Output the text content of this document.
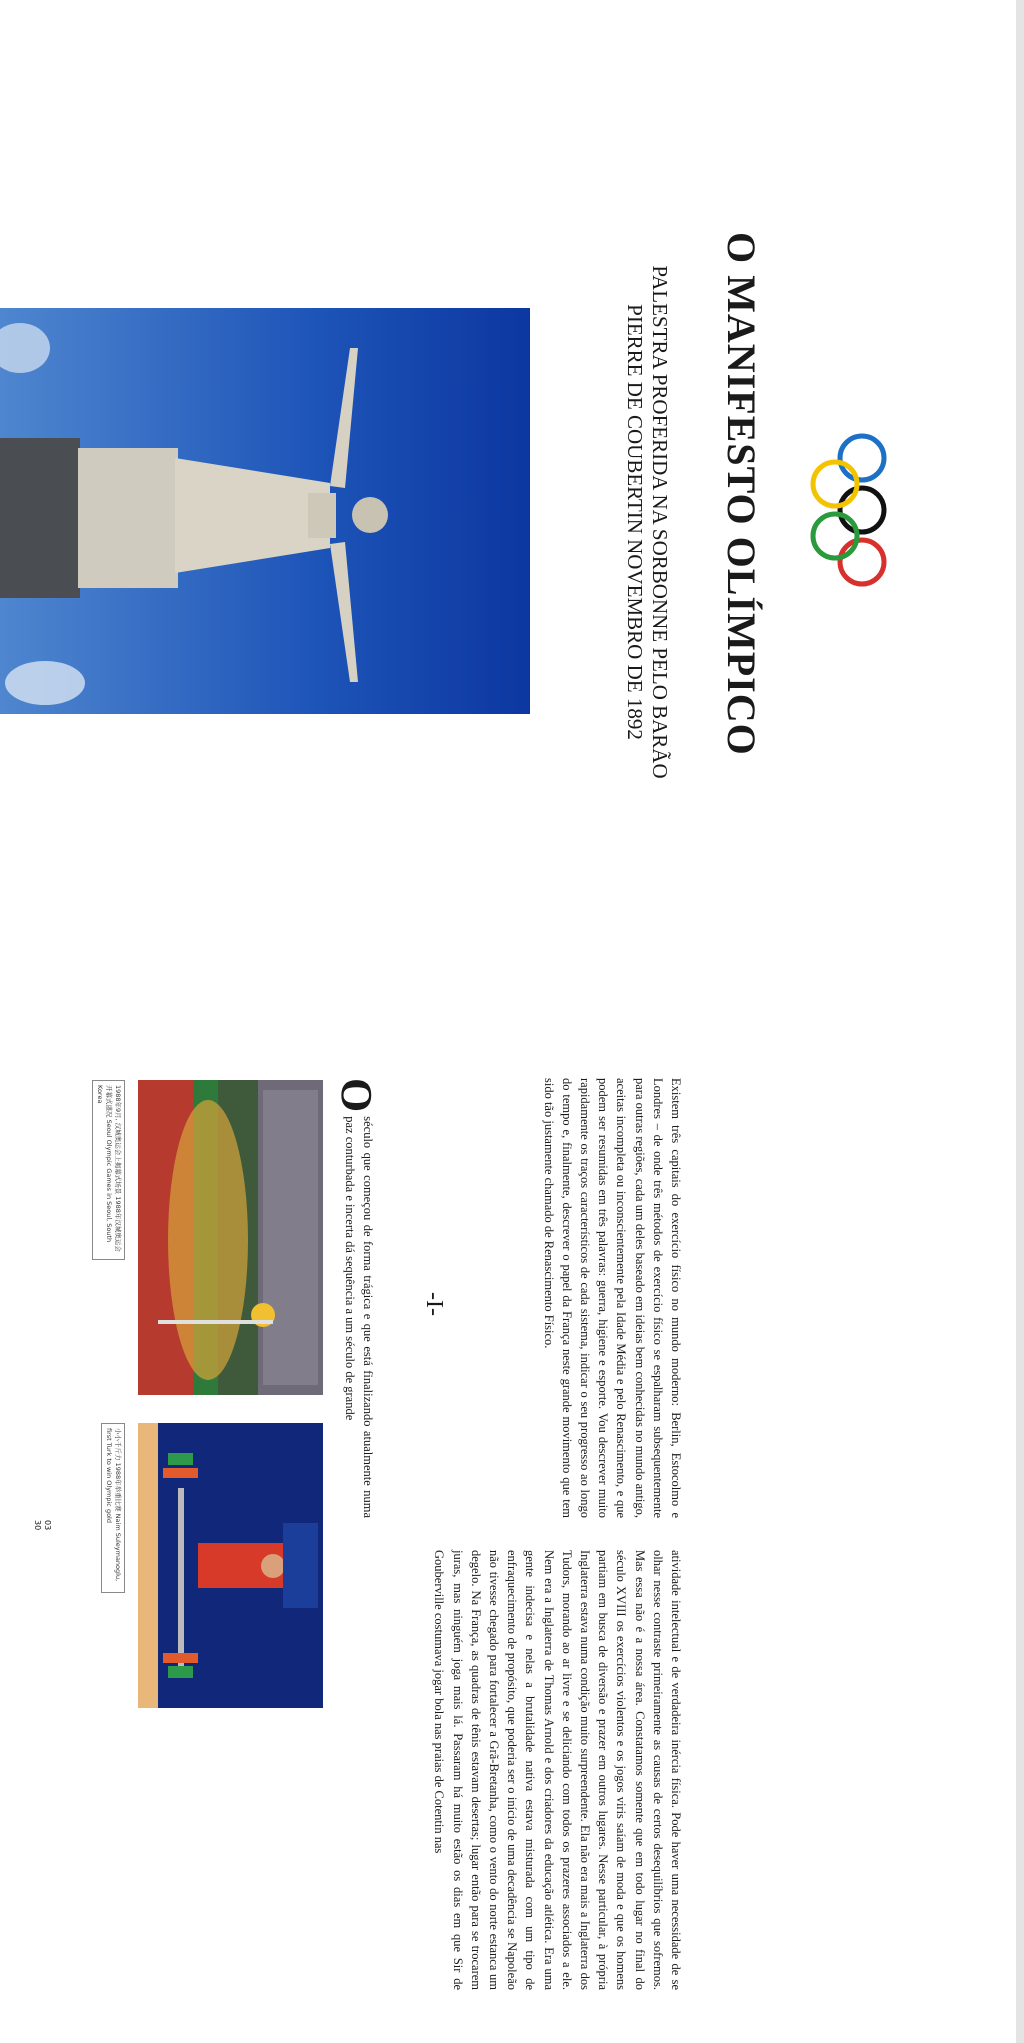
O MANIFESTO OLÍMPICO
PALESTRA PROFERIDA NA SORBONNE PELO BARÃO PIERRE DE COUBERTIN NOVEMBRO DE 1892
Existem três capitais do exercício físico no mundo moderno: Berlin, Estocolmo e Londres – de onde três métodos de exercício físico se espalharam subsequentemente para outras regiões, cada um deles baseado em ideias bem conhecidas no mundo antigo, aceitas incompleta ou inconscientemente pela Idade Média e pelo Renascimento, e que podem ser resumidas em três palavras: guerra, higiene e esporte. Vou descrever muito rapidamente os traços característicos de cada sistema, indicar o seu progresso ao longo do tempo e, finalmente, descrever o papel da França neste grande movimento que tem sido tão justamente chamado de Renascimento Físico.
atividade intelectual e de verdadeira inércia física. Pode haver uma necessidade de se olhar nesse contraste primeiramente as causas de certos desequilíbrios que sofremos. Mas essa não é a nossa área. Constatamos somente que em todo lugar no final do século XVIII os exercícios violentos e os jogos viris saíam de moda e que os homens partiam em busca de diversão e prazer em outros lugares. Nesse particular, à própria Inglaterra estava numa condição muito surpreendente. Ela não era mais a Inglaterra dos Tudors, morando ao ar livre e se deliciando com todos os prazeres associados a ele. Nem era a Inglaterra de Thomas Arnold e dos criadores da educação atlética. Era uma gente indecisa e nelas a brutalidade nativa estava misturada com um tipo de enfraquecimento de propósito, que poderia ser o início de uma decadência se Napoleão não tivesse chegado para fortalecer a Grã-Bretanha, como o vento do norte estanca um degelo. Na França, as quadras de tênis estavam desertas; lugar então para se trocarem juras, mas ninguém joga mais lá. Passaram há muito estão os dias em que Sir de Gouberville costumava jogar bola nas praias de Cotentin nas
-I-
O
século que começou de forma trágica e que está finalizando atualmente numa paz conturbada e incerta dá sequência a um século de grande
1988年9月, 汉城奥运会上揭幕式场景 1988年汉城奥运会开幕式盛况 Seoul Olympic Games in Seoul, South Korea
小小千斤力 1988年举重比赛 Naim Suleymanoglu, first Turk to win Olympic gold
03
30
